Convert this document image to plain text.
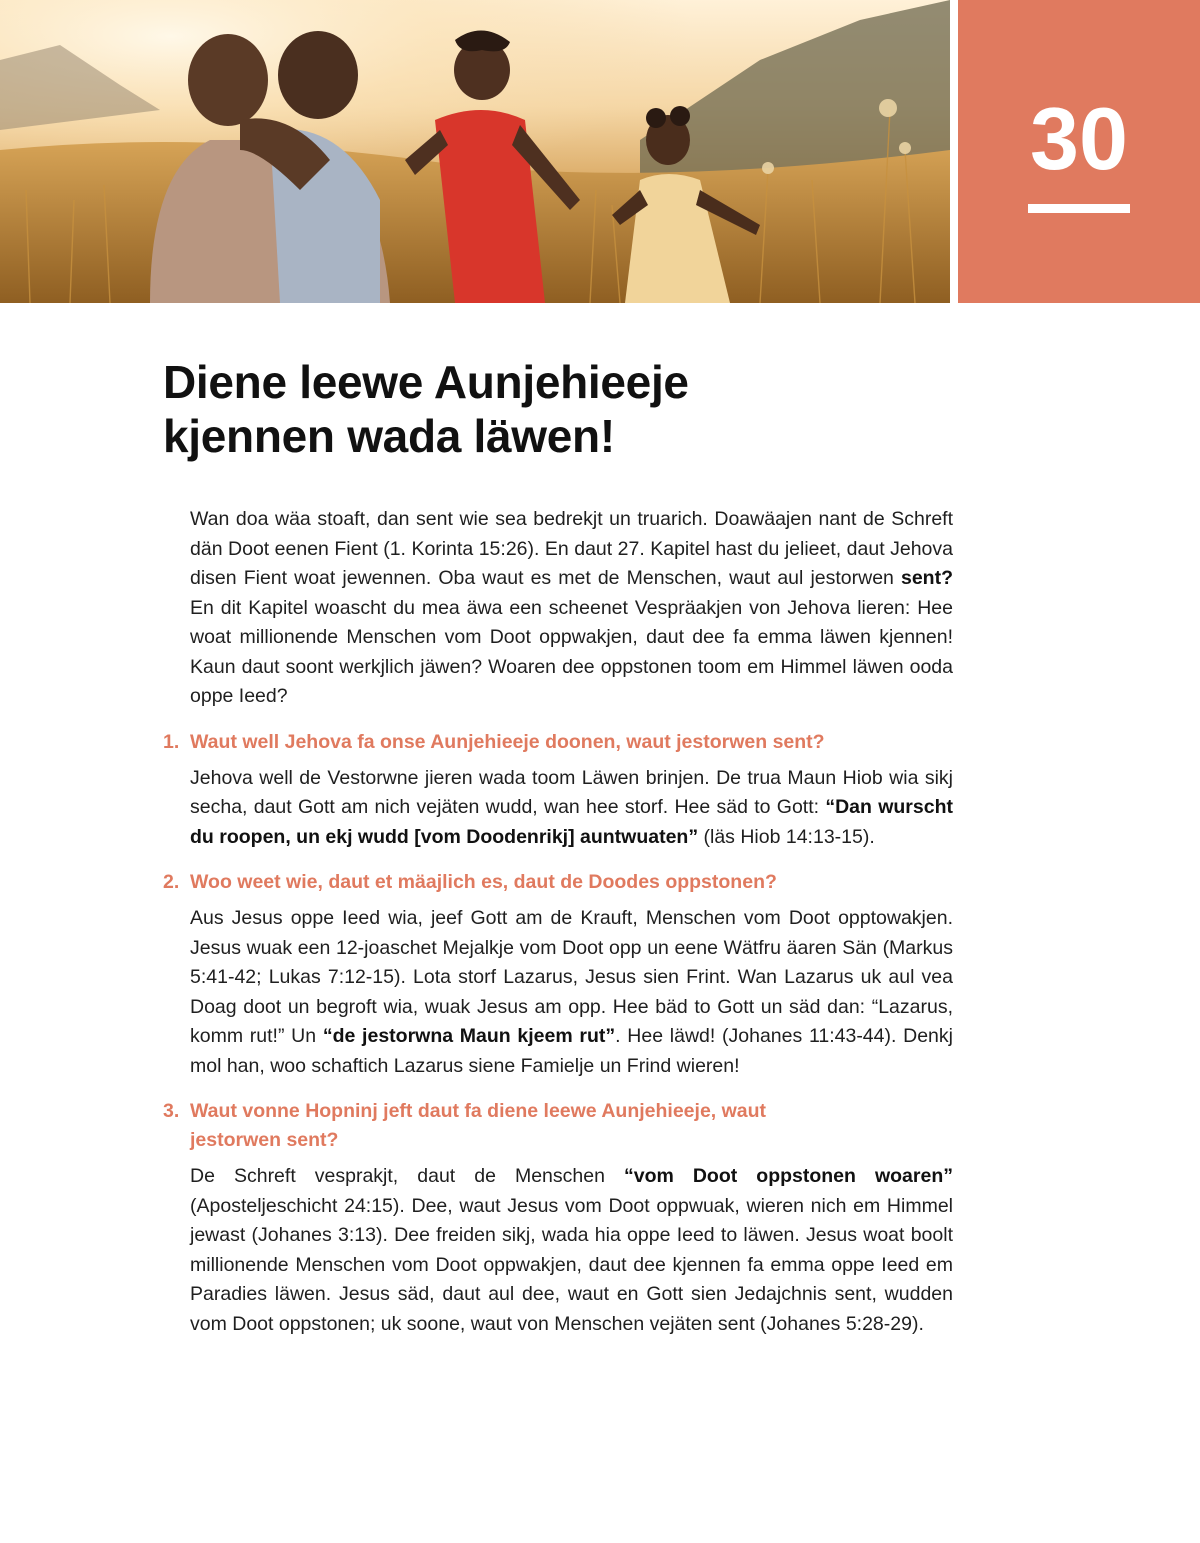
30
Diene leewe Aunjehieeje
kjennen wada läwen!

Wan doa wäa stoaft, dan sent wie sea bedrekjt un truarich. Doawäajen nant de Schreft dän Doot eenen Fient (1. Korinta 15:26). En daut 27. Kapitel hast du jelieet, daut Jehova disen Fient woat jewennen. Oba waut es met de Menschen, waut aul jestorwen sent? En dit Kapitel woascht du mea äwa een scheenet Vespräakjen von Jehova lieren: Hee woat millionende Menschen vom Doot oppwakjen, daut dee fa emma läwen kjennen! Kaun daut soont werkjlich jäwen? Woaren dee oppstonen toom em Himmel läwen ooda oppe Ieed?

1. Waut well Jehova fa onse Aunjehieeje doonen, waut jestorwen sent?

Jehova well de Vestorwne jieren wada toom Läwen brinjen. De trua Maun Hiob wia sikj secha, daut Gott am nich vejäten wudd, wan hee storf. Hee säd to Gott: “Dan wurscht du roopen, un ekj wudd [vom Doodenrikj] auntwuaten” (läs Hiob 14:13-15).

2. Woo weet wie, daut et mäajlich es, daut de Doodes oppstonen?

Aus Jesus oppe Ieed wia, jeef Gott am de Krauft, Menschen vom Doot opptowakjen. Jesus wuak een 12-joaschet Mejalkje vom Doot opp un eene Wätfru äaren Sän (Markus 5:41-42; Lukas 7:12-15). Lota storf Lazarus, Jesus sien Frint. Wan Lazarus uk aul vea Doag doot un begroft wia, wuak Jesus am opp. Hee bäd to Gott un säd dan: “Lazarus, komm rut!” Un “de jestorwna Maun kjeem rut”. Hee läwd! (Johanes 11:43-44). Denkj mol han, woo schaftich Lazarus siene Famielje un Frind wieren!

3. Waut vonne Hopninj jeft daut fa diene leewe Aunjehieeje, waut jestorwen sent?

De Schreft vesprakjt, daut de Menschen “vom Doot oppstonen woaren” (Aposteljeschicht 24:15). Dee, waut Jesus vom Doot oppwuak, wieren nich em Himmel jewast (Johanes 3:13). Dee freiden sikj, wada hia oppe Ieed to läwen. Jesus woat boolt millionende Menschen vom Doot oppwakjen, daut dee kjennen fa emma oppe Ieed em Paradies läwen. Jesus säd, daut aul dee, waut en Gott sien Jedajchnis sent, wudden vom Doot oppstonen; uk soone, waut von Menschen vejäten sent (Johanes 5:28-29).
